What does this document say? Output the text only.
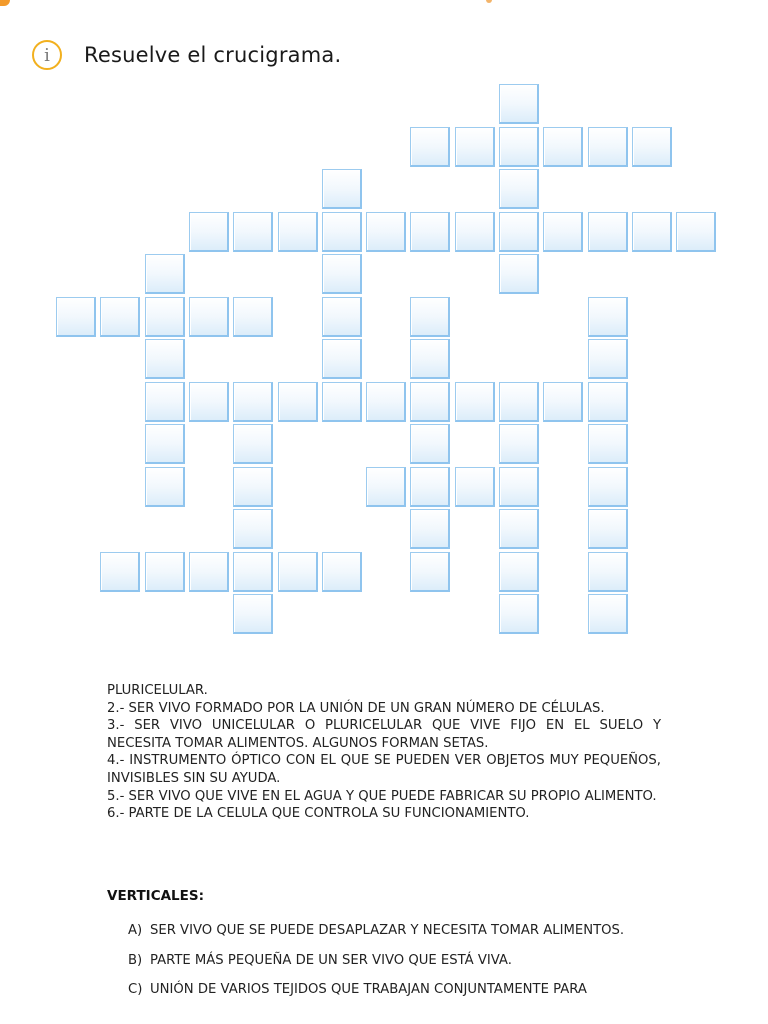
i Resuelve el crucigrama.

PLURICELULAR.

2.- SER VIVO FORMADO POR LA UNIÓN DE UN GRAN NÚMERO DE CÉLULAS.

3.- SER VIVO UNICELULAR O PLURICELULAR QUE VIVE FIJO EN EL SUELO Y NECESITA TOMAR ALIMENTOS. ALGUNOS FORMAN SETAS.

4.- INSTRUMENTO ÓPTICO CON EL QUE SE PUEDEN VER OBJETOS MUY PEQUEÑOS, INVISIBLES SIN SU AYUDA.

5.- SER VIVO QUE VIVE EN EL AGUA Y QUE PUEDE FABRICAR SU PROPIO ALIMENTO.

6.- PARTE DE LA CELULA QUE CONTROLA SU FUNCIONAMIENTO.

VERTICALES:
A) SER VIVO QUE SE PUEDE DESAPLAZAR Y NECESITA TOMAR ALIMENTOS.
B) PARTE MÁS PEQUEÑA DE UN SER VIVO QUE ESTÁ VIVA.
C) UNIÓN DE VARIOS TEJIDOS QUE TRABAJAN CONJUNTAMENTE PARA
